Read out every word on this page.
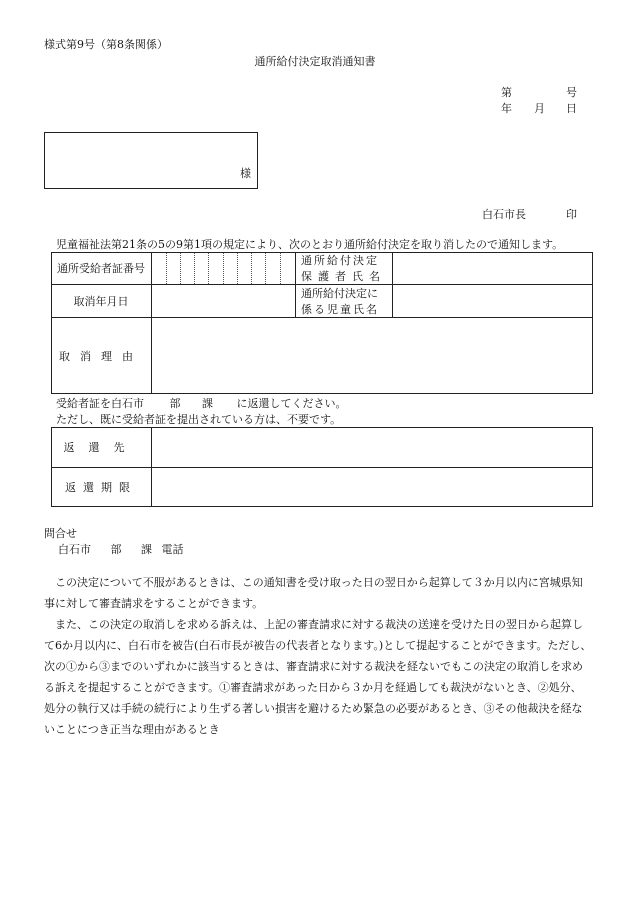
様式第9号（第8条関係）
通所給付決定取消通知書
第	号
年 月 日
様
白石市長	印
児童福祉法第21条の5の9第1項の規定により、次のとおり通所給付決定を取り消したので通知します。
通所受給者証番号
通所給付決定
保護者氏名
取消年月日
通所給付決定に
係る児童氏名
取消理由
受給者証を白石市 部 課 に返還してください。
ただし、既に受給者証を提出されている方は、不要です。
返還先
返還期限
問合せ
白石市 部 課 電話
この決定について不服があるときは、この通知書を受け取った日の翌日から起算して３か月以内に宮城県知事に対して審査請求をすることができます。
また、この決定の取消しを求める訴えは、上記の審査請求に対する裁決の送達を受けた日の翌日から起算して6か月以内に、白石市を被告(白石市長が被告の代表者となります。)として提起することができます。ただし、次の①から③までのいずれかに該当するときは、審査請求に対する裁決を経ないでもこの決定の取消しを求める訴えを提起することができます。①審査請求があった日から３か月を経過しても裁決がないとき、②処分、処分の執行又は手続の続行により生ずる著しい損害を避けるため緊急の必要があるとき、③その他裁決を経ないことにつき正当な理由があるとき
